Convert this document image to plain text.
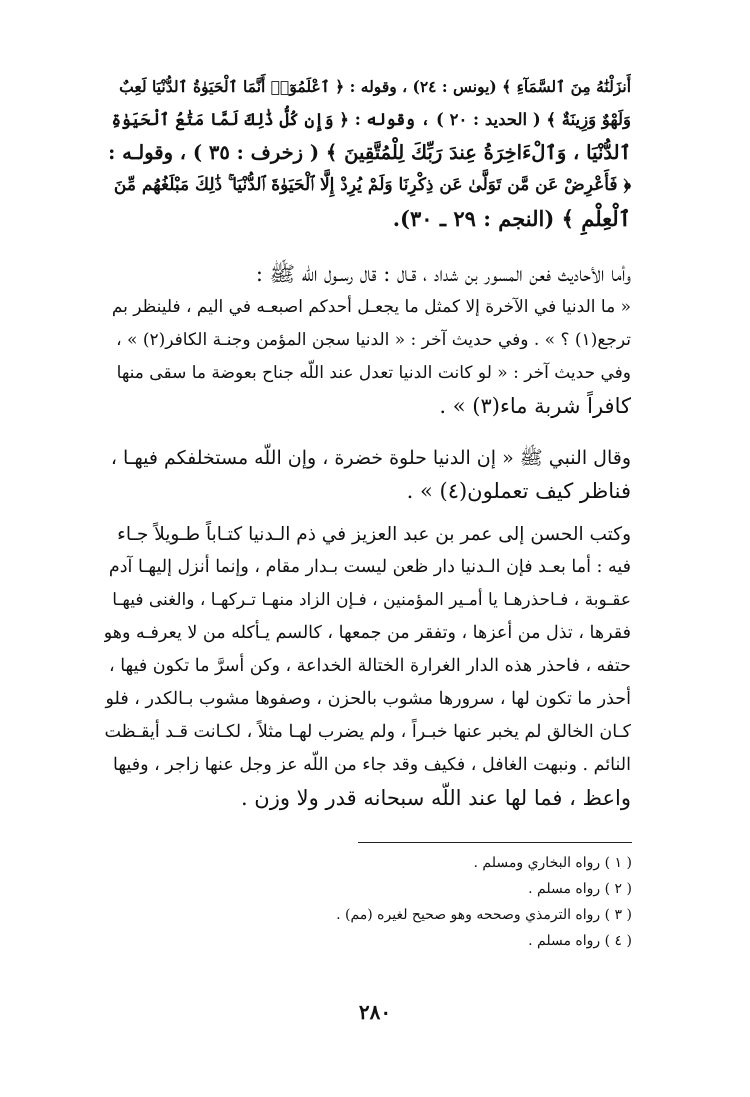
أَنزَلْنَٰهُ مِنَ ٱلسَّمَآءِ ﴾ (يونس : ٢٤) ، وقوله : ﴿ ٱعْلَمُوٓا۟ أَنَّمَا ٱلْحَيَوٰةُ ٱلدُّنْيَا لَعِبٌ
وَلَهْوٌ وَزِينَةٌ ﴾ ( الحديد : ٢٠ ) ، وقوله : ﴿ وَإِن كُلُّ ذَٰلِكَ لَمَّا مَتَٰعُ ٱلْحَيَوٰةِ
ٱلدُّنْيَا ، وَٱلْءَاخِرَةُ عِندَ رَبِّكَ لِلْمُتَّقِينَ ﴾ ( زخرف : ٣٥ ) ، وقولـه :
﴿ فَأَعْرِضْ عَن مَّن تَوَلَّىٰ عَن ذِكْرِنَا وَلَمْ يُرِدْ إِلَّا ٱلْحَيَوٰةَ ٱلدُّنْيَا ۚ ذَٰلِكَ مَبْلَغُهُم مِّنَ
ٱلْعِلْمِ ﴾ (النجم : ٢٩ ـ ٣٠).
وأما الأحاديث فعن المسور بن شداد ، قـال : قال رسـول اللّه ﷺ :
« ما الدنيا في الآخرة إلا كمثل ما يجعـل أحدكم اصبعـه في اليم ، فلينظر بم
ترجع(١) ؟ » . وفي حديث آخر : « الدنيا سجن المؤمن وجنـة الكافر(٢) » ،
وفي حديث آخر : « لو كانت الدنيا تعدل عند اللّه جناح بعوضة ما سقى منها
كافراً شربة ماء(٣) » .
وقال النبي ﷺ « إن الدنيا حلوة خضرة ، وإن اللّه مستخلفكم فيهـا ،
فناظر كيف تعملون(٤) » .
وكتب الحسن إلى عمر بن عبد العزيز في ذم الـدنيا كتـاباً طـويلاً جـاء
فيه : أما بعـد فإن الـدنيا دار ظعن ليست بـدار مقام ، وإنما أنزل إليهـا آدم
عقـوبة ، فـاحذرهـا يا أمـير المؤمنين ، فـإن الزاد منهـا تـركهـا ، والغنى فيهـا
فقرها ، تذل من أعزها ، وتفقر من جمعها ، كالسم يـأكله من لا يعرفـه وهو
حتفه ، فاحذر هذه الدار الغرارة الختالة الخداعة ، وكن أسرَّ ما تكون فيها ،
أحذر ما تكون لها ، سرورها مشوب بالحزن ، وصفوها مشوب بـالكدر ، فلو
كـان الخالق لم يخبر عنها خبـراً ، ولم يضرب لهـا مثلاً ، لكـانت قـد أيقـظت
النائم . ونبهت الغافل ، فكيف وقد جاء من اللّه عز وجل عنها زاجر ، وفيها
واعظ ، فما لها عند اللّه سبحانه قدر ولا وزن .
( ١ ) رواه البخاري ومسلم .
( ٢ ) رواه مسلم .
( ٣ ) رواه الترمذي وصححه وهو صحيح لغيره (مم) .
( ٤ ) رواه مسلم .
٢٨٠
